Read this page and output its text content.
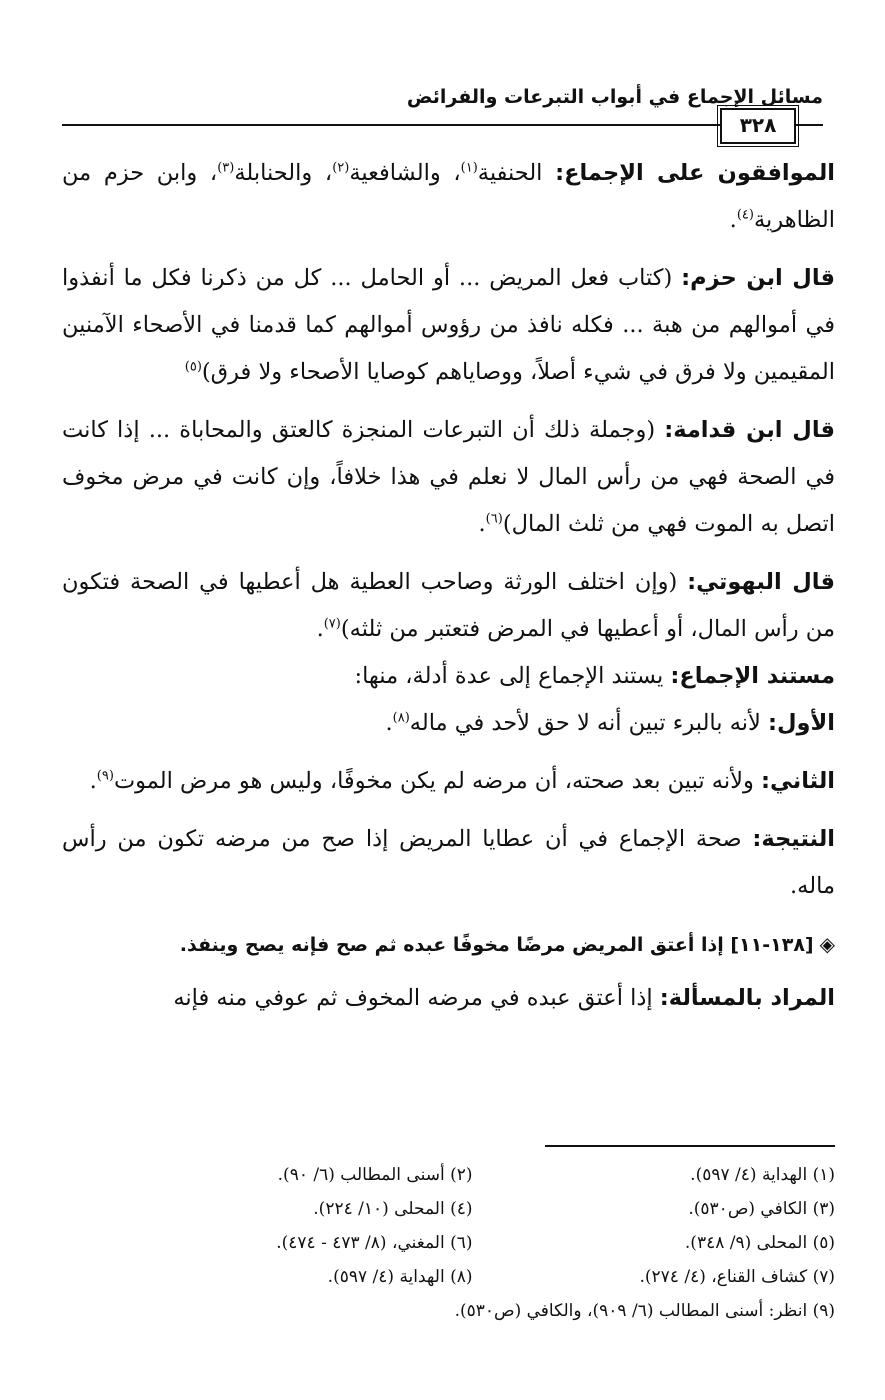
مسائل الإجماع في أبواب التبرعات والفرائض
٣٢٨

الموافقون على الإجماع: الحنفية$^{(١)}$، والشافعية$^{(٢)}$، والحنابلة$^{(٣)}$، وابن حزم من الظاهرية$^{(٤)}$.

قال ابن حزم: (كتاب فعل المريض ... أو الحامل ... كل من ذكرنا فكل ما أنفذوا في أموالهم من هبة ... فكله نافذ من رؤوس أموالهم كما قدمنا في الأصحاء الآمنين المقيمين ولا فرق في شيء أصلاً، ووصاياهم كوصايا الأصحاء ولا فرق)$^{(٥)}$

قال ابن قدامة: (وجملة ذلك أن التبرعات المنجزة كالعتق والمحاباة ... إذا كانت في الصحة فهي من رأس المال لا نعلم في هذا خلافاً، وإن كانت في مرض مخوف اتصل به الموت فهي من ثلث المال)$^{(٦)}$.

قال البهوتي: (وإن اختلف الورثة وصاحب العطية هل أعطيها في الصحة فتكون من رأس المال، أو أعطيها في المرض فتعتبر من ثلثه)$^{(٧)}$.

مستند الإجماع: يستند الإجماع إلى عدة أدلة، منها:

الأول: لأنه بالبرء تبين أنه لا حق لأحد في ماله$^{(٨)}$.

الثاني: ولأنه تبين بعد صحته، أن مرضه لم يكن مخوفًا، وليس هو مرض الموت$^{(٩)}$.

النتيجة: صحة الإجماع في أن عطايا المريض إذا صح من مرضه تكون من رأس ماله.

◈[١٣٨-١١] إذا أعتق المريض مرضًا مخوفًا عبده ثم صح فإنه يصح وينفذ.

المراد بالمسألة: إذا أعتق عبده في مرضه المخوف ثم عوفي منه فإنه

(١) الهداية (٤/ ٥٩٧).
(٢) أسنى المطالب (٦/ ٩٠).
(٣) الكافي (ص٥٣٠).
(٤) المحلى (١٠/ ٢٢٤).
(٥) المحلى (٩/ ٣٤٨).
(٦) المغني، (٨/ ٤٧٣ - ٤٧٤).
(٧) كشاف القناع، (٤/ ٢٧٤).
(٨) الهداية (٤/ ٥٩٧).
(٩) انظر: أسنى المطالب (٦/ ٩٠٩)، والكافي (ص٥٣٠).
